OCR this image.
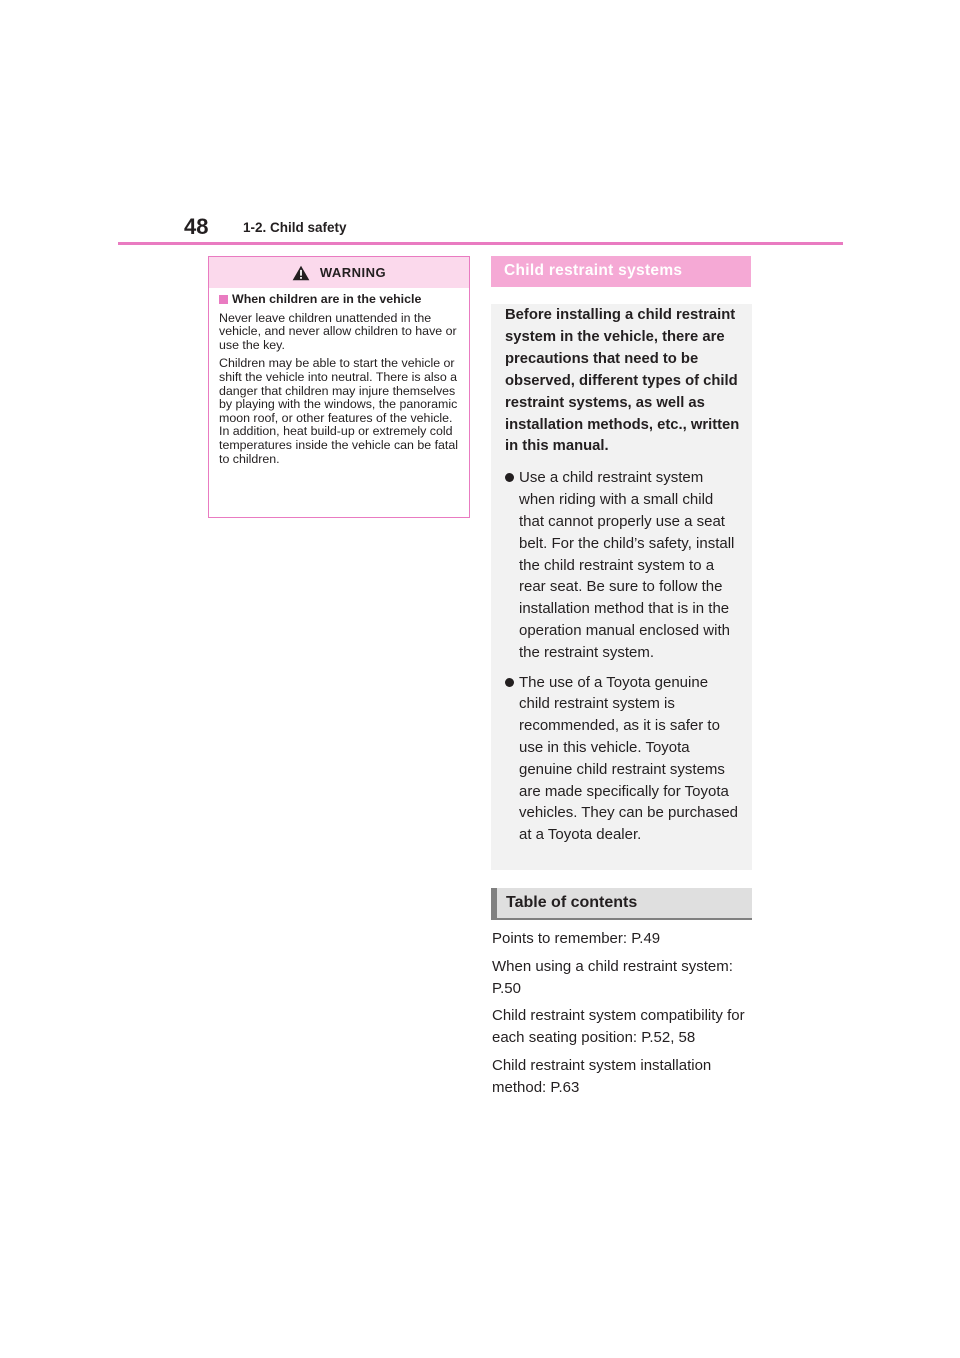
48	1-2. Child safety
WARNING
When children are in the vehicle

Never leave children unattended in the vehicle, and never allow children to have or use the key.

Children may be able to start the vehicle or shift the vehicle into neutral. There is also a danger that children may injure themselves by playing with the windows, the panoramic moon roof, or other features of the vehicle. In addition, heat build-up or extremely cold temperatures inside the vehicle can be fatal to children.

Child restraint systems

Before installing a child restraint system in the vehicle, there are precautions that need to be observed, different types of child restraint systems, as well as installation methods, etc., written in this manual.

Use a child restraint system when riding with a small child that cannot properly use a seat belt. For the child’s safety, install the child restraint system to a rear seat. Be sure to follow the installation method that is in the operation manual enclosed with the restraint system.
The use of a Toyota genuine child restraint system is recommended, as it is safer to use in this vehicle. Toyota genuine child restraint systems are made specifically for Toyota vehicles. They can be purchased at a Toyota dealer.
Table of contents

Points to remember: P.49

When using a child restraint system: P.50

Child restraint system compatibility for each seating position: P.52, 58

Child restraint system installation method: P.63
